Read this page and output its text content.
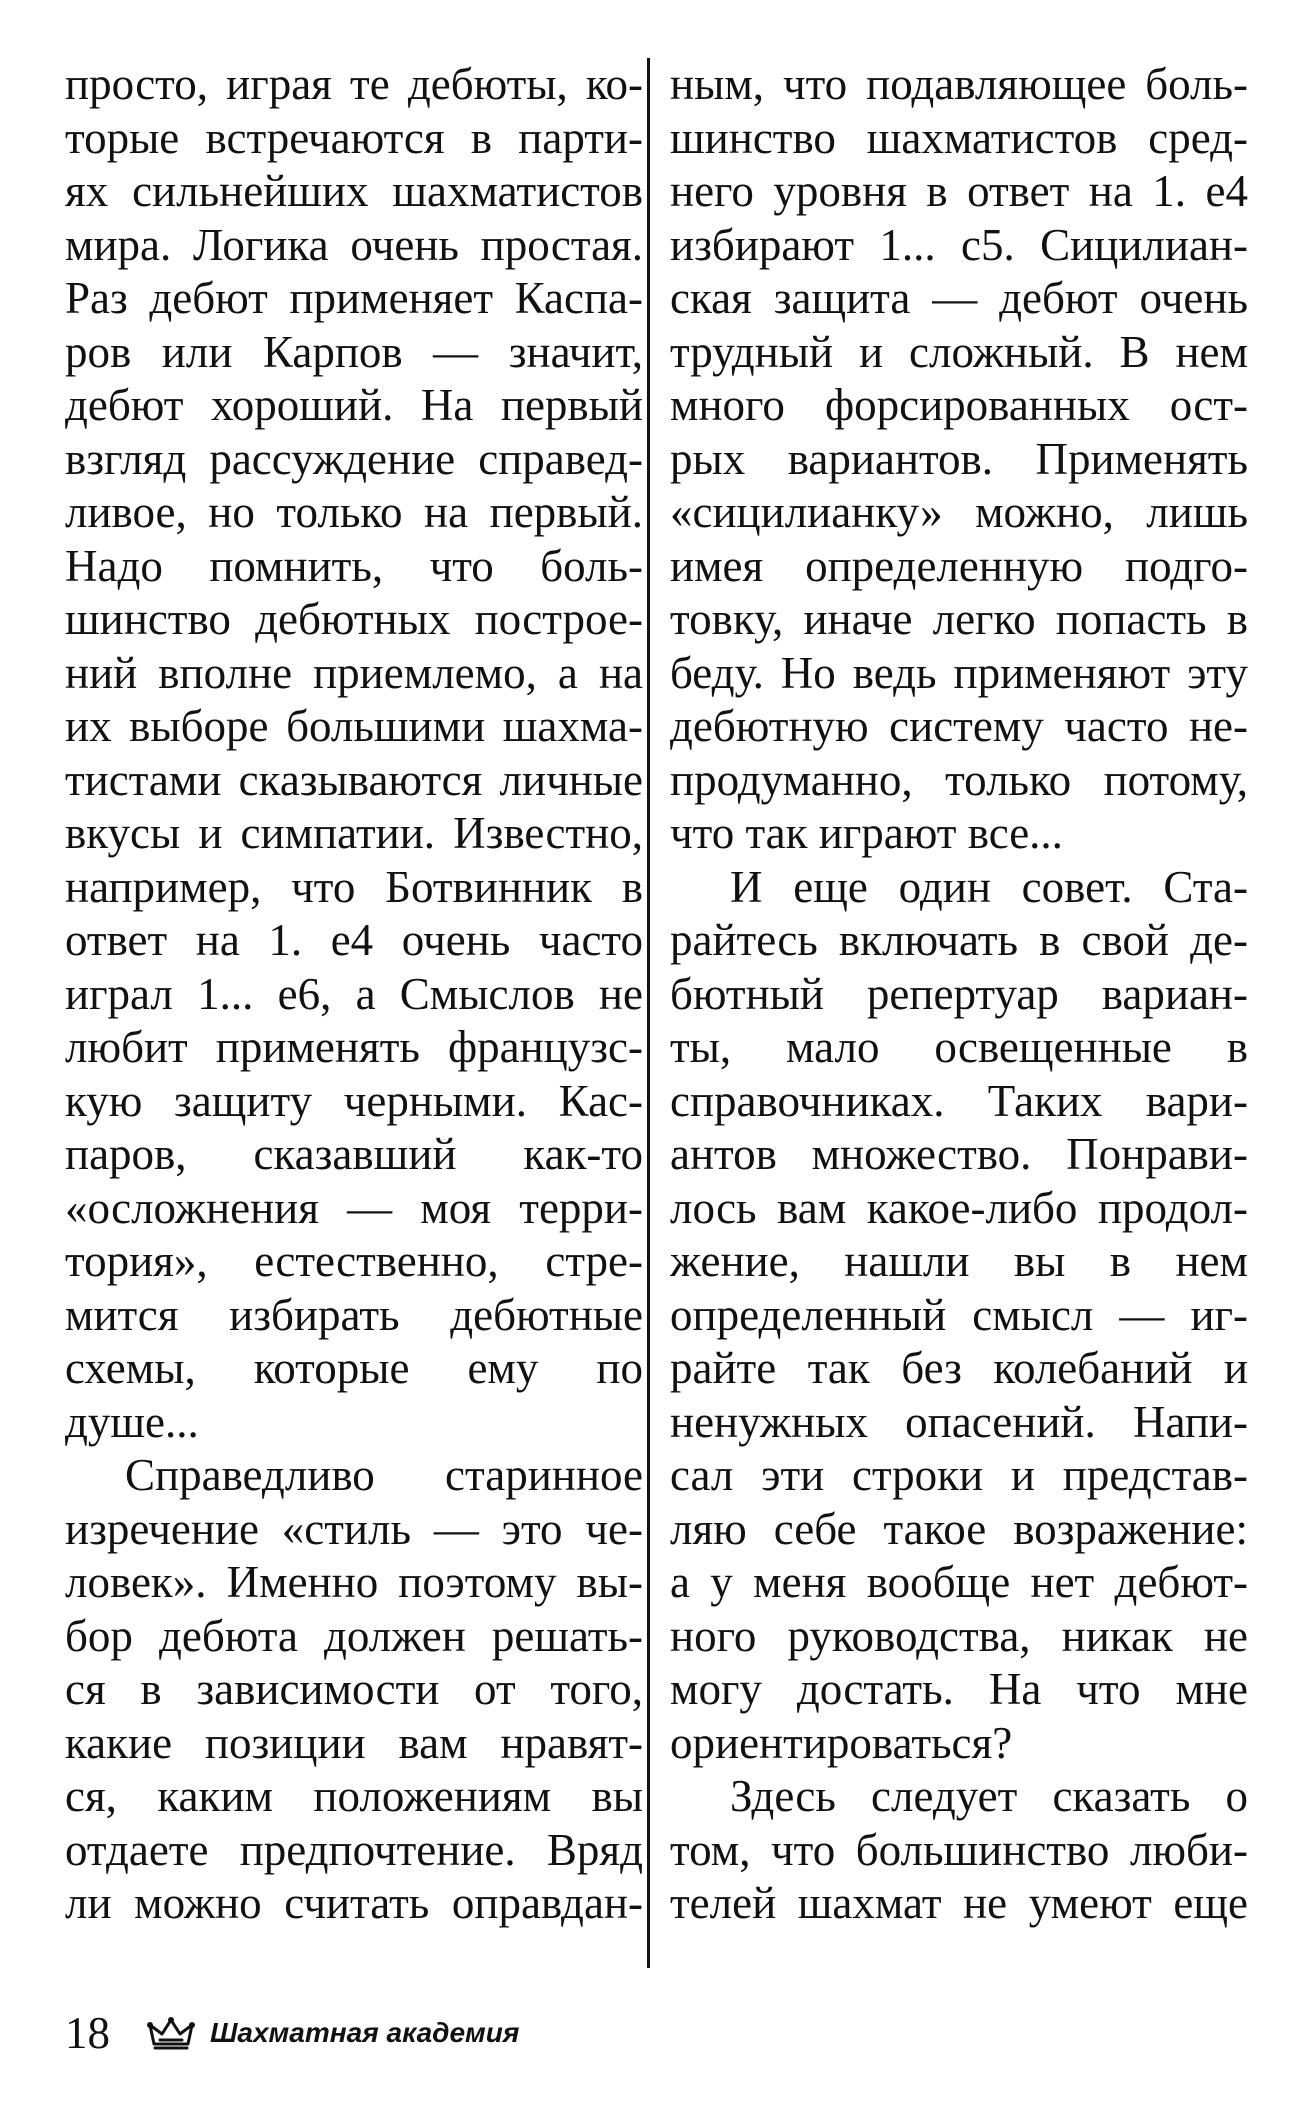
просто, играя те дебюты, ко-
торые встречаются в парти-
ях сильнейших шахматистов
мира. Логика очень простая.
Раз дебют применяет Каспа-
ров или Карпов — значит,
дебют хороший. На первый
взгляд рассуждение справед-
ливое, но только на первый.
Надо помнить, что боль-
шинство дебютных построе-
ний вполне приемлемо, а на
их выборе большими шахма-
тистами сказываются личные
вкусы и симпатии. Известно,
например, что Ботвинник в
ответ на 1. е4 очень часто
играл 1... е6, а Смыслов не
любит применять французс-
кую защиту черными. Кас-
паров, сказавший как-то
«осложнения — моя терри-
тория», естественно, стре-
мится избирать дебютные
схемы, которые ему по
душе...
Справедливо старинное
изречение «стиль — это че-
ловек». Именно поэтому вы-
бор дебюта должен решать-
ся в зависимости от того,
какие позиции вам нравят-
ся, каким положениям вы
отдаете предпочтение. Вряд
ли можно считать оправдан-
ным, что подавляющее боль-
шинство шахматистов сред-
него уровня в ответ на 1. е4
избирают 1... с5. Сицилиан-
ская защита — дебют очень
трудный и сложный. В нем
много форсированных ост-
рых вариантов. Применять
«сицилианку» можно, лишь
имея определенную подго-
товку, иначе легко попасть в
беду. Но ведь применяют эту
дебютную систему часто не-
продуманно, только потому,
что так играют все...
И еще один совет. Ста-
райтесь включать в свой де-
бютный репертуар вариан-
ты, мало освещенные в
справочниках. Таких вари-
антов множество. Понрави-
лось вам какое-либо продол-
жение, нашли вы в нем
определенный смысл — иг-
райте так без колебаний и
ненужных опасений. Напи-
сал эти строки и представ-
ляю себе такое возражение:
а у меня вообще нет дебют-
ного руководства, никак не
могу достать. На что мне
ориентироваться?
Здесь следует сказать о
том, что большинство люби-
телей шахмат не умеют еще
18	Шахматная академия
